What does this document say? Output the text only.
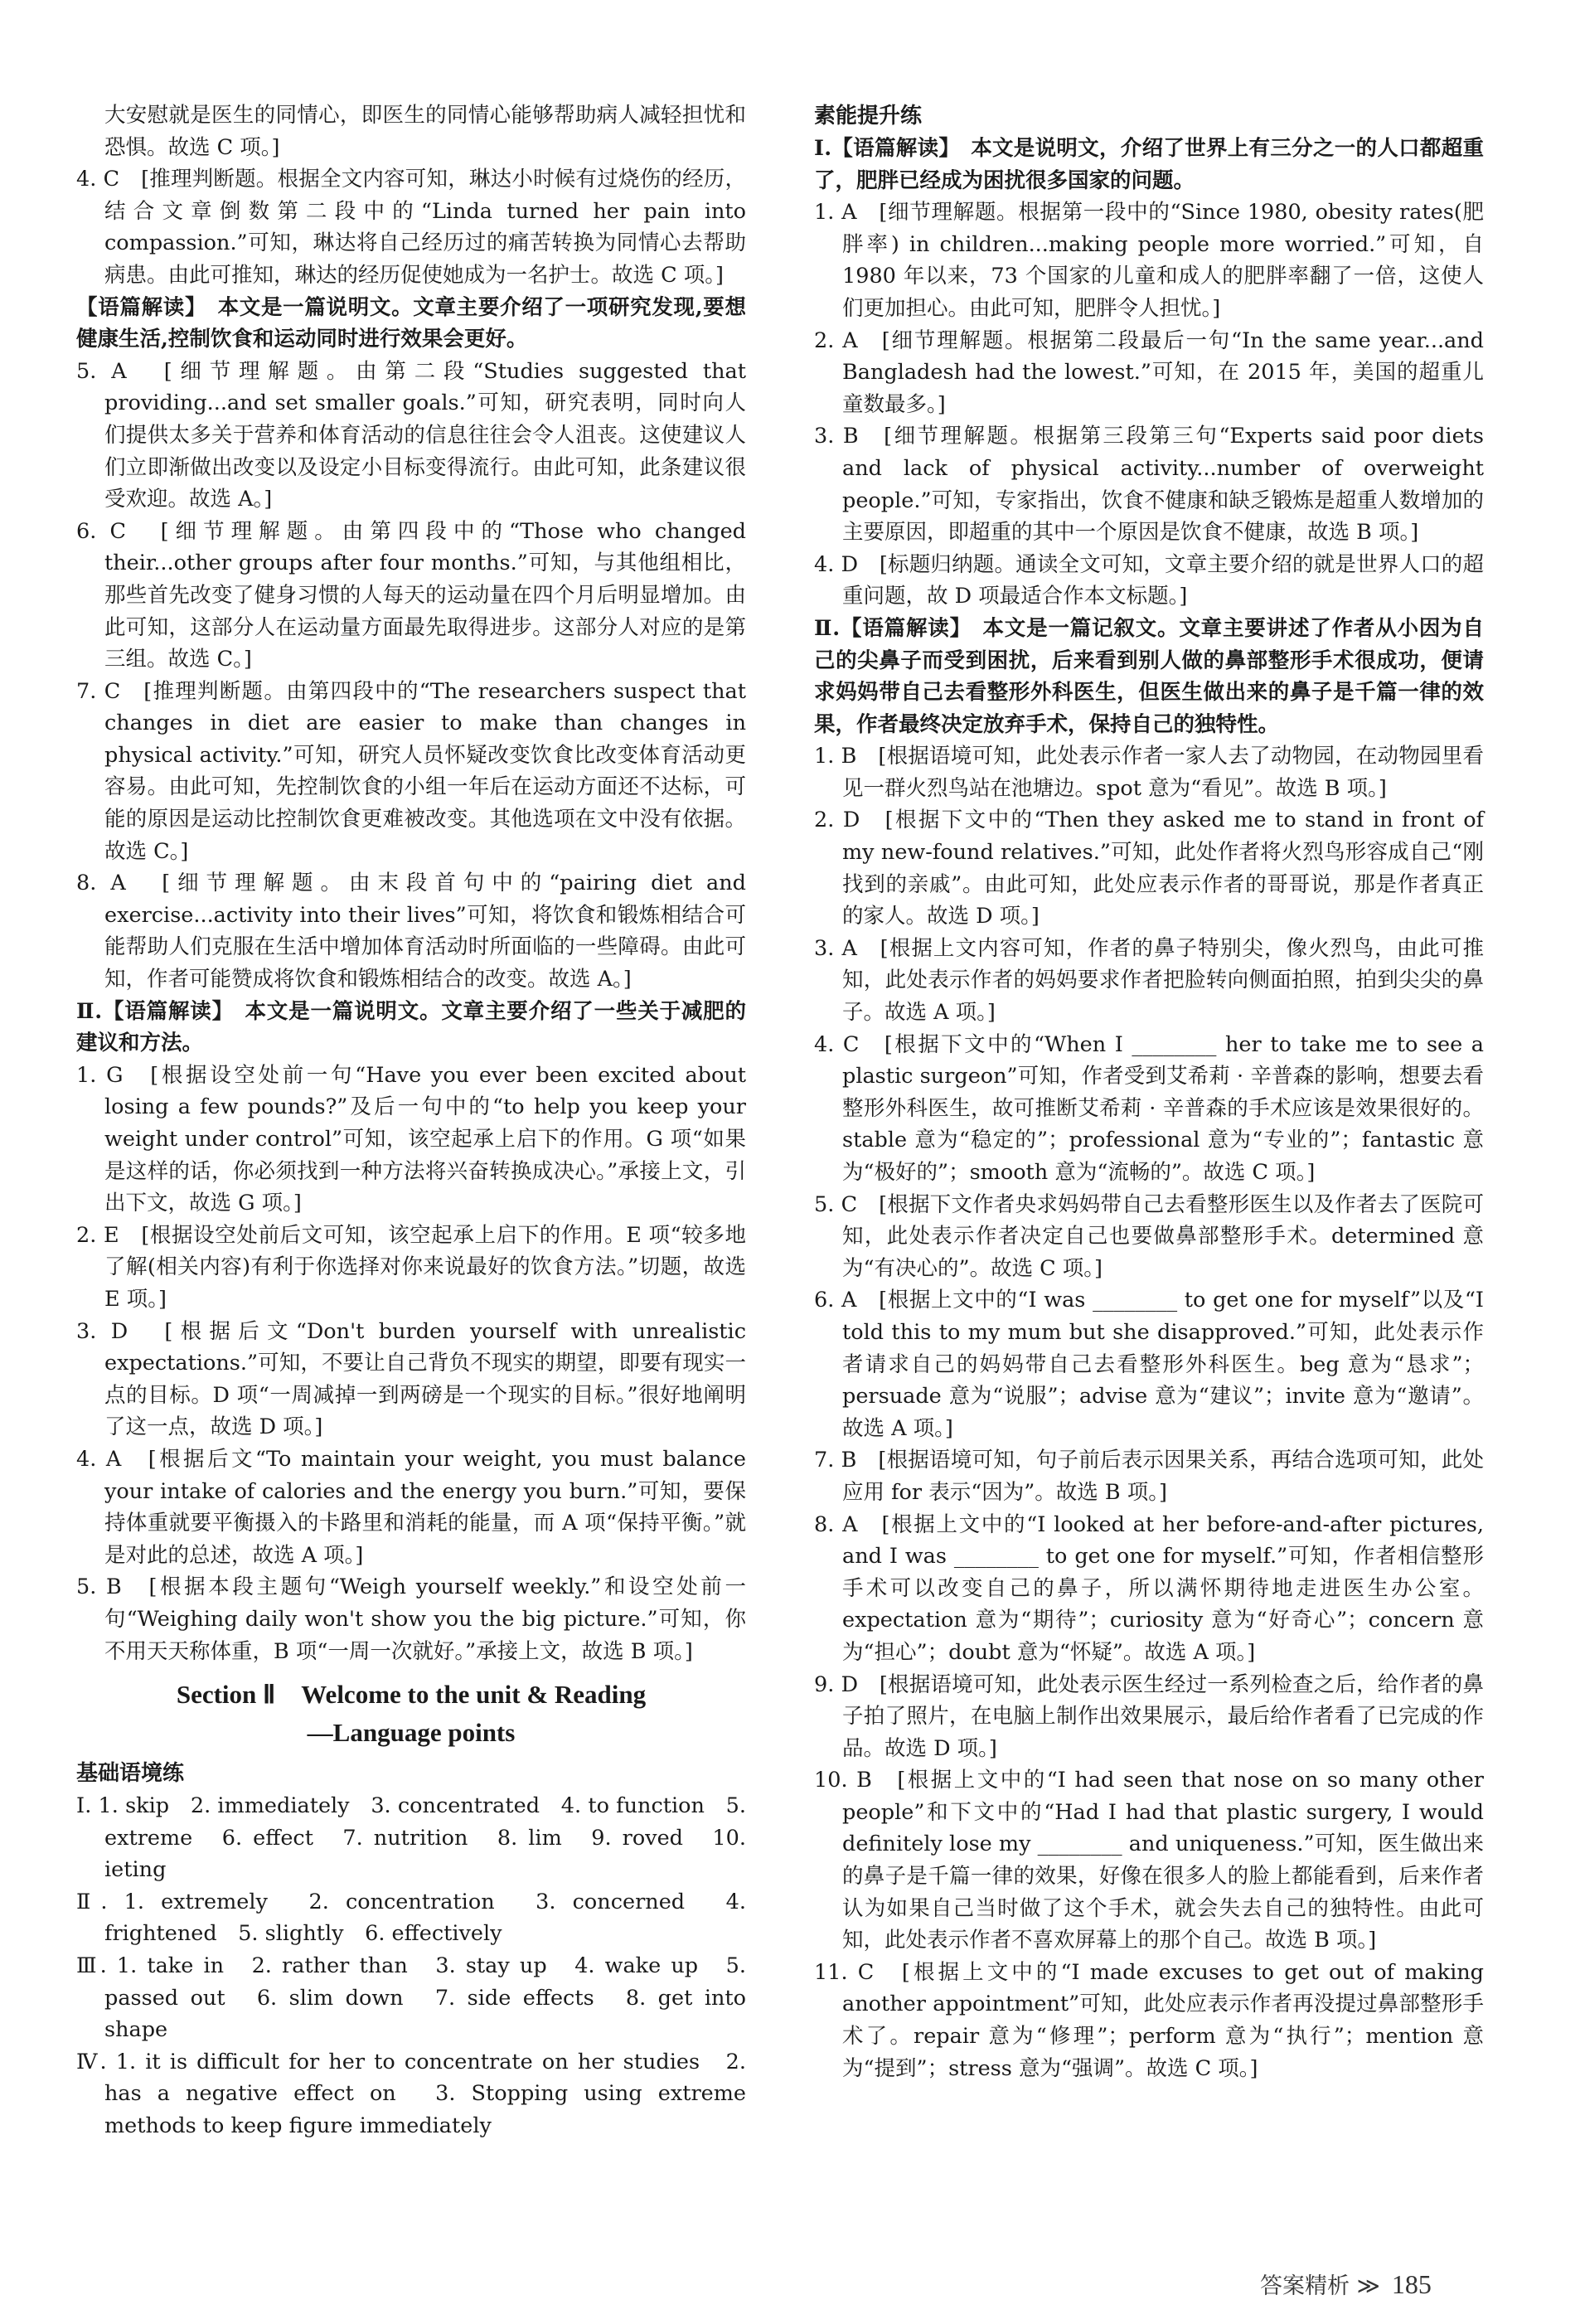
大安慰就是医生的同情心，即医生的同情心能够帮助病人减轻担忧和恐惧。故选 C 项。]

4. C　[推理判断题。根据全文内容可知，琳达小时候有过烧伤的经历，结合文章倒数第二段中的“Linda turned her pain into compassion.”可知，琳达将自己经历过的痛苦转换为同情心去帮助病患。由此可推知，琳达的经历促使她成为一名护士。故选 C 项。]

【语篇解读】　本文是一篇说明文。文章主要介绍了一项研究发现,要想健康生活,控制饮食和运动同时进行效果会更好。

5. A　[细节理解题。由第二段“Studies suggested that providing...and set smaller goals.”可知，研究表明，同时向人们提供太多关于营养和体育活动的信息往往会令人沮丧。这使建议人们立即渐做出改变以及设定小目标变得流行。由此可知，此条建议很受欢迎。故选 A。]

6. C　[细节理解题。由第四段中的“Those who changed their...other groups after four months.”可知，与其他组相比，那些首先改变了健身习惯的人每天的运动量在四个月后明显增加。由此可知，这部分人在运动量方面最先取得进步。这部分人对应的是第三组。故选 C。]

7. C　[推理判断题。由第四段中的“The researchers suspect that changes in diet are easier to make than changes in physical activity.”可知，研究人员怀疑改变饮食比改变体育活动更容易。由此可知，先控制饮食的小组一年后在运动方面还不达标，可能的原因是运动比控制饮食更难被改变。其他选项在文中没有依据。故选 C。]

8. A　[细节理解题。由末段首句中的“pairing diet and exercise...activity into their lives”可知，将饮食和锻炼相结合可能帮助人们克服在生活中增加体育活动时所面临的一些障碍。由此可知，作者可能赞成将饮食和锻炼相结合的改变。故选 A。]

Ⅱ.【语篇解读】　本文是一篇说明文。文章主要介绍了一些关于减肥的建议和方法。

1. G　[根据设空处前一句“Have you ever been excited about losing a few pounds?”及后一句中的“to help you keep your weight under control”可知，该空起承上启下的作用。G 项“如果是这样的话，你必须找到一种方法将兴奋转换成决心。”承接上文，引出下文，故选 G 项。]

2. E　[根据设空处前后文可知，该空起承上启下的作用。E 项“较多地了解(相关内容)有利于你选择对你来说最好的饮食方法。”切题，故选 E 项。]

3. D　[根据后文“Don't burden yourself with unrealistic expectations.”可知，不要让自己背负不现实的期望，即要有现实一点的目标。D 项“一周减掉一到两磅是一个现实的目标。”很好地阐明了这一点，故选 D 项。]

4. A　[根据后文“To maintain your weight, you must balance your intake of calories and the energy you burn.”可知，要保持体重就要平衡摄入的卡路里和消耗的能量，而 A 项“保持平衡。”就是对此的总述，故选 A 项。]

5. B　[根据本段主题句“Weigh yourself weekly.”和设空处前一句“Weighing daily won't show you the big picture.”可知，你不用天天称体重，B 项“一周一次就好。”承接上文，故选 B 项。]

Section Ⅱ　Welcome to the unit & Reading
—Language points
基础语境练

Ⅰ. 1. skip　2. immediately　3. concentrated　4. to function　5. extreme　6. effect　7. nutrition　8. lim　9. roved　10. ieting

Ⅱ. 1. extremely　2. concentration　3. concerned　4. frightened　5. slightly　6. effectively

Ⅲ. 1. take in　2. rather than　3. stay up　4. wake up　5. passed out　6. slim down　7. side effects　8. get into shape

Ⅳ. 1. it is difficult for her to concentrate on her studies　2. has a negative effect on　3. Stopping using extreme methods to keep figure immediately

素能提升练

Ⅰ.【语篇解读】　本文是说明文，介绍了世界上有三分之一的人口都超重了，肥胖已经成为困扰很多国家的问题。

1. A　[细节理解题。根据第一段中的“Since 1980, obesity rates(肥胖率) in children...making people more worried.”可知，自 1980 年以来，73 个国家的儿童和成人的肥胖率翻了一倍，这使人们更加担心。由此可知，肥胖令人担忧。]

2. A　[细节理解题。根据第二段最后一句“In the same year...and Bangladesh had the lowest.”可知，在 2015 年，美国的超重儿童数最多。]

3. B　[细节理解题。根据第三段第三句“Experts said poor diets and lack of physical activity...number of overweight people.”可知，专家指出，饮食不健康和缺乏锻炼是超重人数增加的主要原因，即超重的其中一个原因是饮食不健康，故选 B 项。]

4. D　[标题归纳题。通读全文可知，文章主要介绍的就是世界人口的超重问题，故 D 项最适合作本文标题。]

Ⅱ.【语篇解读】　本文是一篇记叙文。文章主要讲述了作者从小因为自己的尖鼻子而受到困扰，后来看到别人做的鼻部整形手术很成功，便请求妈妈带自己去看整形外科医生，但医生做出来的鼻子是千篇一律的效果，作者最终决定放弃手术，保持自己的独特性。

1. B　[根据语境可知，此处表示作者一家人去了动物园，在动物园里看见一群火烈鸟站在池塘边。spot 意为“看见”。故选 B 项。]

2. D　[根据下文中的“Then they asked me to stand in front of my new-found relatives.”可知，此处作者将火烈鸟形容成自己“刚找到的亲戚”。由此可知，此处应表示作者的哥哥说，那是作者真正的家人。故选 D 项。]

3. A　[根据上文内容可知，作者的鼻子特别尖，像火烈鸟，由此可推知，此处表示作者的妈妈要求作者把脸转向侧面拍照，拍到尖尖的鼻子。故选 A 项。]

4. C　[根据下文中的“When I ________ her to take me to see a plastic surgeon”可知，作者受到艾希莉 · 辛普森的影响，想要去看整形外科医生，故可推断艾希莉 · 辛普森的手术应该是效果很好的。stable 意为“稳定的”；professional 意为“专业的”；fantastic 意为“极好的”；smooth 意为“流畅的”。故选 C 项。]

5. C　[根据下文作者央求妈妈带自己去看整形医生以及作者去了医院可知，此处表示作者决定自己也要做鼻部整形手术。determined 意为“有决心的”。故选 C 项。]

6. A　[根据上文中的“I was ________ to get one for myself”以及“I told this to my mum but she disapproved.”可知，此处表示作者请求自己的妈妈带自己去看整形外科医生。beg 意为“恳求”；persuade 意为“说服”；advise 意为“建议”；invite 意为“邀请”。故选 A 项。]

7. B　[根据语境可知，句子前后表示因果关系，再结合选项可知，此处应用 for 表示“因为”。故选 B 项。]

8. A　[根据上文中的“I looked at her before-and-after pictures, and I was ________ to get one for myself.”可知，作者相信整形手术可以改变自己的鼻子，所以满怀期待地走进医生办公室。expectation 意为“期待”；curiosity 意为“好奇心”；concern 意为“担心”；doubt 意为“怀疑”。故选 A 项。]

9. D　[根据语境可知，此处表示医生经过一系列检查之后，给作者的鼻子拍了照片，在电脑上制作出效果展示，最后给作者看了已完成的作品。故选 D 项。]

10. B　[根据上文中的“I had seen that nose on so many other people”和下文中的“Had I had that plastic surgery, I would definitely lose my ________ and uniqueness.”可知，医生做出来的鼻子是千篇一律的效果，好像在很多人的脸上都能看到，后来作者认为如果自己当时做了这个手术，就会失去自己的独特性。由此可知，此处表示作者不喜欢屏幕上的那个自己。故选 B 项。]

11. C　[根据上文中的“I made excuses to get out of making another appointment”可知，此处应表示作者再没提过鼻部整形手术了。repair 意为“修理”；perform 意为“执行”；mention 意为“提到”；stress 意为“强调”。故选 C 项。]

答案精析 ≫ 185
